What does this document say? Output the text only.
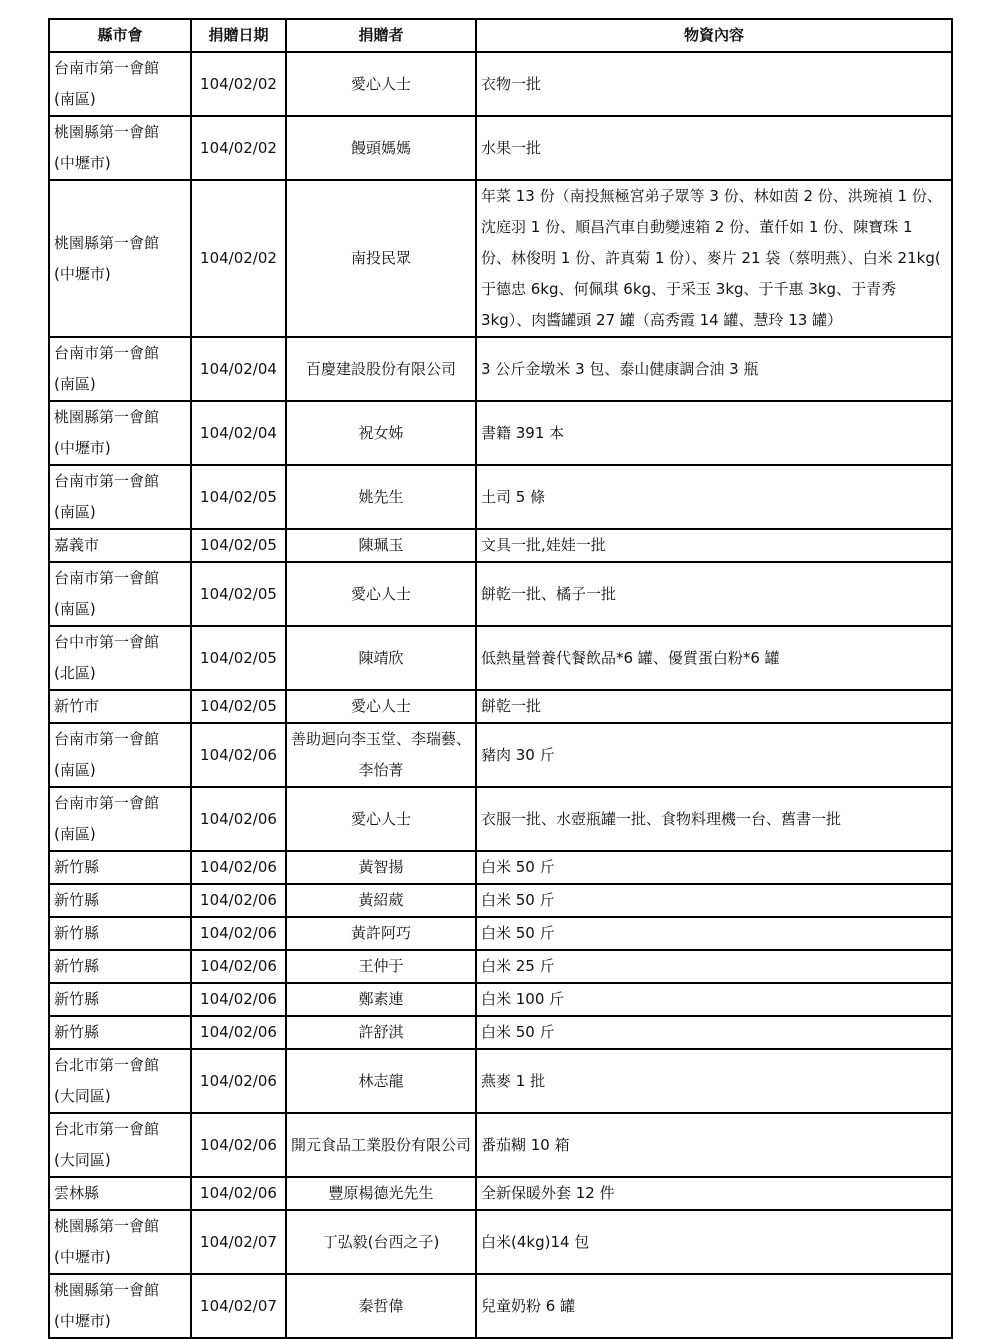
縣市會	捐贈日期	捐贈者	物資內容
台南市第一會館
(南區)	104/02/02	愛心人士	衣物一批
桃園縣第一會館
(中壢市)	104/02/02	饅頭媽媽	水果一批
桃園縣第一會館
(中壢市)	104/02/02	南投民眾	年菜 13 份（南投無極宮弟子眾等 3 份、林如茵 2 份、洪琬禎 1 份、沈庭羽 1 份、順昌汽車自動變速箱 2 份、董仟如 1 份、陳寶珠 1 份、林俊明 1 份、許真菊 1 份）、麥片 21 袋（蔡明燕）、白米 21kg( 于德忠 6kg、何佩琪 6kg、于采玉 3kg、于千惠 3kg、于青秀 3kg）、肉醬罐頭 27 罐（高秀霞 14 罐、慧玲 13 罐）
台南市第一會館
(南區)	104/02/04	百慶建設股份有限公司	3 公斤金墩米 3 包、泰山健康調合油 3 瓶
桃園縣第一會館
(中壢市)	104/02/04	祝女姊	書籍 391 本
台南市第一會館
(南區)	104/02/05	姚先生	土司 5 條
嘉義市	104/02/05	陳珮玉	文具一批,娃娃一批
台南市第一會館
(南區)	104/02/05	愛心人士	餅乾一批、橘子一批
台中市第一會館
(北區)	104/02/05	陳靖欣	低熱量營養代餐飲品*6 罐、優質蛋白粉*6 罐
新竹市	104/02/05	愛心人士	餅乾一批
台南市第一會館
(南區)	104/02/06	善助迴向李玉堂、李瑞藝、李怡菁	豬肉 30 斤
台南市第一會館
(南區)	104/02/06	愛心人士	衣服一批、水壺瓶罐一批、食物料理機一台、舊書一批
新竹縣	104/02/06	黃智揚	白米 50 斤
新竹縣	104/02/06	黃紹葳	白米 50 斤
新竹縣	104/02/06	黃許阿巧	白米 50 斤
新竹縣	104/02/06	王仲于	白米 25 斤
新竹縣	104/02/06	鄭素連	白米 100 斤
新竹縣	104/02/06	許舒淇	白米 50 斤
台北市第一會館
(大同區)	104/02/06	林志龍	燕麥 1 批
台北市第一會館
(大同區)	104/02/06	開元食品工業股份有限公司	番茄糊 10 箱
雲林縣	104/02/06	豐原楊德光先生	全新保暖外套 12 件
桃園縣第一會館
(中壢市)	104/02/07	丁弘毅(台西之子)	白米(4kg)14 包
桃園縣第一會館
(中壢市)	104/02/07	秦哲偉	兒童奶粉 6 罐
